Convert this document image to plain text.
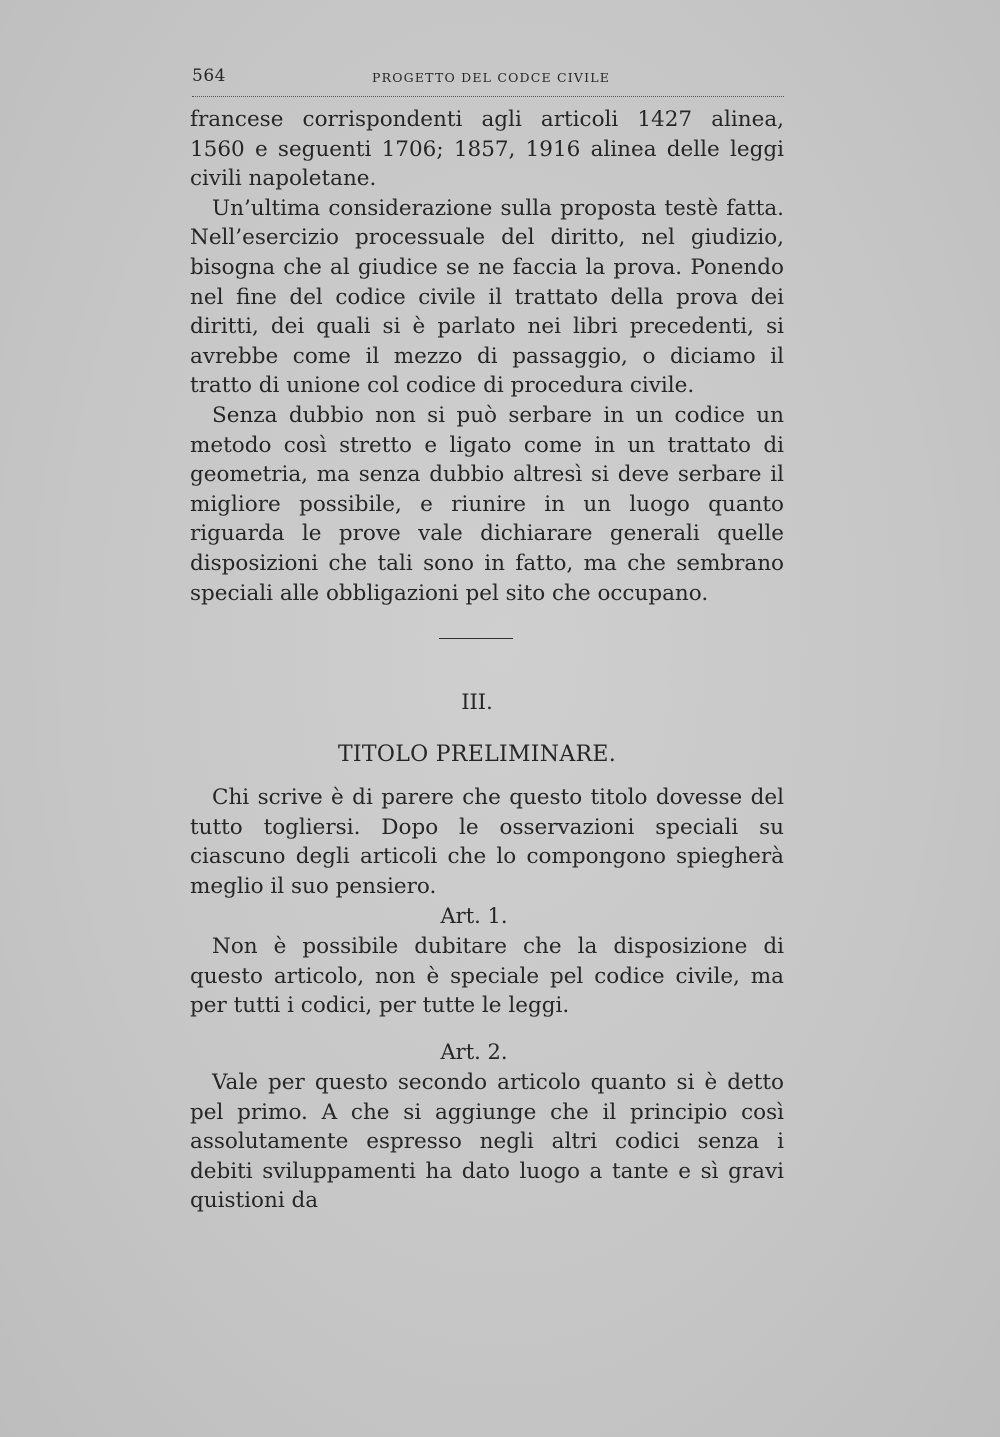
564	PROGETTO DEL CODCE CIVILE

francese corrispondenti agli articoli 1427 alinea, 1560 e seguenti 1706; 1857, 1916 alinea delle leggi civili napoletane.

Un’ultima considerazione sulla proposta testè fatta. Nell’esercizio processuale del diritto, nel giudizio, bisogna che al giudice se ne faccia la prova. Ponendo nel fine del codice civile il trattato della prova dei diritti, dei quali si è parlato nei libri precedenti, si avrebbe come il mezzo di passaggio, o diciamo il tratto di unione col codice di procedura civile.

Senza dubbio non si può serbare in un codice un metodo così stretto e ligato come in un trattato di geometria, ma senza dubbio altresì si deve serbare il migliore possibile, e riunire in un luogo quanto riguarda le prove vale dichiarare generali quelle disposizioni che tali sono in fatto, ma che sembrano speciali alle obbligazioni pel sito che occupano.

III.
TITOLO PRELIMINARE.

Chi scrive è di parere che questo titolo dovesse del tutto togliersi. Dopo le osservazioni speciali su ciascuno degli articoli che lo compongono spiegherà meglio il suo pensiero.

Art. 1.

Non è possibile dubitare che la disposizione di questo articolo, non è speciale pel codice civile, ma per tutti i codici, per tutte le leggi.

Art. 2.

Vale per questo secondo articolo quanto si è detto pel primo. A che si aggiunge che il principio così assolutamente espresso negli altri codici senza i debiti sviluppamenti ha dato luogo a tante e sì gravi quistioni da
